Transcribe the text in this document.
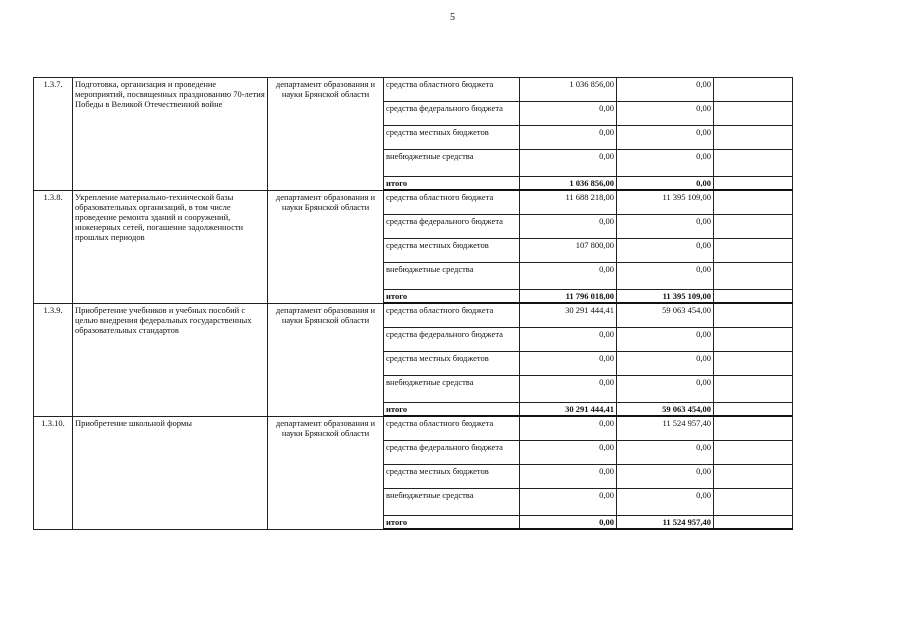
5
1.3.7.	Подготовка, организация и проведение мероприятий, посвященных празднованию 70-летия Победы в Великой Отечественной войне	департамент образования и науки Брянской области	средства областного бюджета	1 036 856,00	0,00	
			средства федерального бюджета	0,00	0,00	
			средства местных бюджетов	0,00	0,00	
			внебюджетные средства	0,00	0,00	
			итого	1 036 856,00	0,00	
1.3.8.	Укрепление материально-технической базы образовательных организаций, в том числе проведение ремонта зданий и сооружений, инженерных сетей, погашение задолженности прошлых периодов	департамент образования и науки Брянской области	средства областного бюджета	11 688 218,00	11 395 109,00	
			средства федерального бюджета	0,00	0,00	
			средства местных бюджетов	107 800,00	0,00	
			внебюджетные средства	0,00	0,00	
			итого	11 796 018,00	11 395 109,00	
1.3.9.	Приобретение учебников и учебных пособий с целью внедрения федеральных государственных образовательных стандартов	департамент образования и науки Брянской области	средства областного бюджета	30 291 444,41	59 063 454,00	
			средства федерального бюджета	0,00	0,00	
			средства местных бюджетов	0,00	0,00	
			внебюджетные средства	0,00	0,00	
			итого	30 291 444,41	59 063 454,00	
1.3.10.	Приобретение школьной формы	департамент образования и науки Брянской области	средства областного бюджета	0,00	11 524 957,40	
			средства федерального бюджета	0,00	0,00	
			средства местных бюджетов	0,00	0,00	
			внебюджетные средства	0,00	0,00	
			итого	0,00	11 524 957,40	
